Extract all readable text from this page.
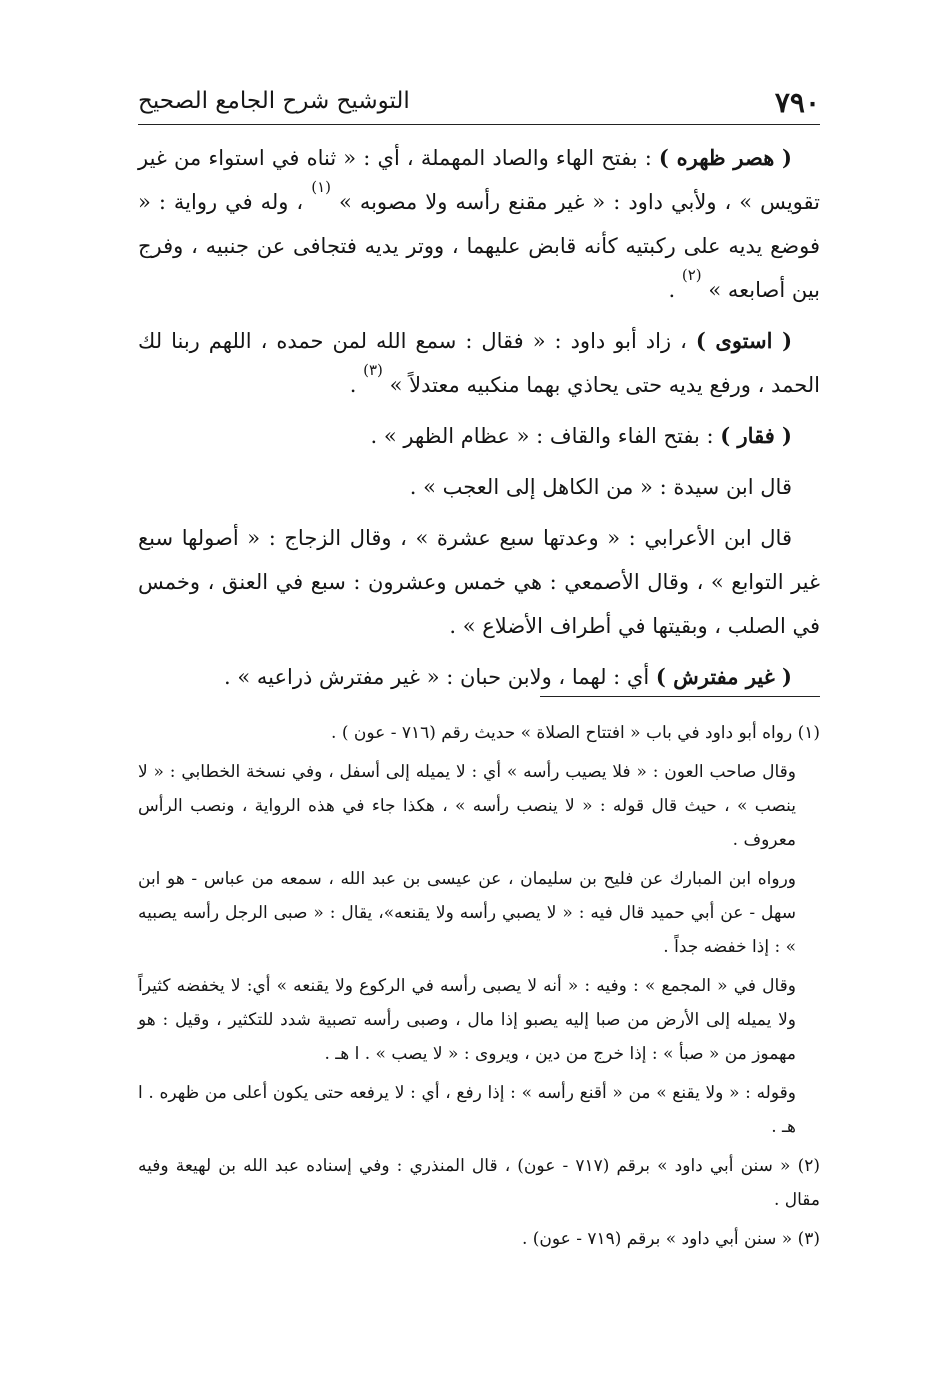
٧٩٠
التوشيح شرح الجامع الصحيح

( هصر ظهره ) : بفتح الهاء والصاد المهملة ، أي : « ثناه في استواء من غير تقويس » ، ولأبي داود : « غير مقنع رأسه ولا مصوبه » $^{(١)}$ ، وله في رواية : « فوضع يديه على ركبتيه كأنه قابض عليهما ، ووتر يديه فتجافى عن جنبيه ، وفرج بين أصابعه » $^{(٢)}$ .

( استوى ) ، زاد أبو داود : « فقال : سمع الله لمن حمده ، اللهم ربنا لك الحمد ، ورفع يديه حتى يحاذي بهما منكبيه معتدلاً » $^{(٣)}$ .

( فقار ) : بفتح الفاء والقاف : « عظام الظهر » .

قال ابن سيدة : « من الكاهل إلى العجب » .

قال ابن الأعرابي : « وعدتها سبع عشرة » ، وقال الزجاج : « أصولها سبع غير التوابع » ، وقال الأصمعي : هي خمس وعشرون : سبع في العنق ، وخمس في الصلب ، وبقيتها في أطراف الأضلاع » .

( غير مفترش ) أي : لهما ، ولابن حبان : « غير مفترش ذراعيه » .

(١) رواه أبو داود في باب « افتتاح الصلاة » حديث رقم (٧١٦ - عون ) .

وقال صاحب العون : « فلا يصيب رأسه » أي : لا يميله إلى أسفل ، وفي نسخة الخطابي : « لا ينصب » ، حيث قال قوله : « لا ينصب رأسه » ، هكذا جاء في هذه الرواية ، ونصب الرأس معروف .

ورواه ابن المبارك عن فليح بن سليمان ، عن عيسى بن عبد الله ، سمعه من عباس - هو ابن سهل - عن أبي حميد قال فيه : « لا يصبي رأسه ولا يقنعه»، يقال : « صبى الرجل رأسه يصبيه » : إذا خفضه جداً .

وقال في « المجمع » : وفيه : « أنه لا يصبى رأسه في الركوع ولا يقنعه » أي: لا يخفضه كثيراً ولا يميله إلى الأرض من صبا إليه يصبو إذا مال ، وصبى رأسه تصبية شدد للتكثير ، وقيل : هو مهموز من « صبأ » : إذا خرج من دين ، ويروى : « لا يصب » . ا هـ .

وقوله : « ولا يقنع » من « أقنع رأسه » : إذا رفع ، أي : لا يرفعه حتى يكون أعلى من ظهره . ا هـ .

(٢) « سنن أبي داود » برقم (٧١٧ - عون) ، قال المنذري : وفي إسناده عبد الله بن لهيعة وفيه مقال .

(٣) « سنن أبي داود » برقم (٧١٩ - عون) .
